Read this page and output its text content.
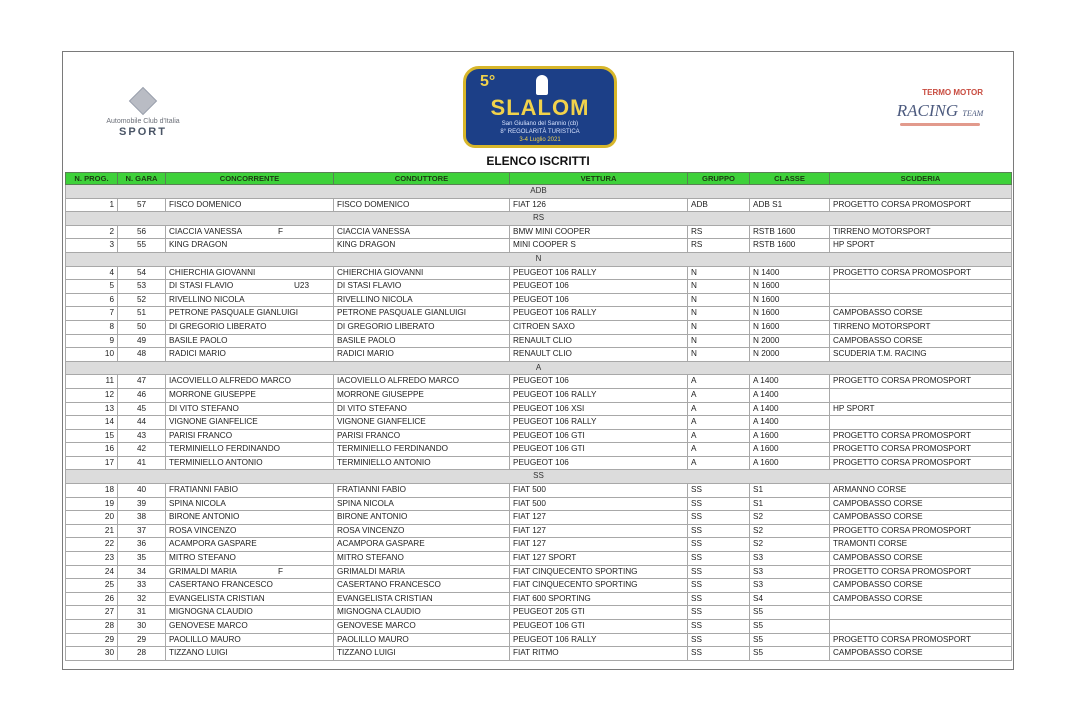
Automobile Club d'Italia
SPORT
5°
SLALOM
San Giuliano del Sannio (cb)
8° REGOLARITÀ TURISTICA
3-4 Luglio 2021
TERMO MOTOR
RACING TEAM
ELENCO ISCRITTI
N. PROG.	N. GARA	CONCORRENTE	CONDUTTORE	VETTURA	GRUPPO	CLASSE	SCUDERIA
ADB							
1	57	FISCO DOMENICO	FISCO DOMENICO	FIAT 126	ADB	ADB S1	PROGETTO CORSA PROMOSPORT
RS							
2	56	CIACCIA VANESSA F	CIACCIA VANESSA	BMW MINI COOPER	RS	RSTB 1600	TIRRENO MOTORSPORT
3	55	KING DRAGON	KING DRAGON	MINI COOPER S	RS	RSTB 1600	HP SPORT
N							
4	54	CHIERCHIA GIOVANNI	CHIERCHIA GIOVANNI	PEUGEOT 106 RALLY	N	N 1400	PROGETTO CORSA PROMOSPORT
5	53	DI STASI FLAVIO U23	DI STASI FLAVIO	PEUGEOT 106	N	N 1600	
6	52	RIVELLINO NICOLA	RIVELLINO NICOLA	PEUGEOT 106	N	N 1600	
7	51	PETRONE PASQUALE GIANLUIGI	PETRONE PASQUALE GIANLUIGI	PEUGEOT 106 RALLY	N	N 1600	CAMPOBASSO CORSE
8	50	DI GREGORIO LIBERATO	DI GREGORIO LIBERATO	CITROEN SAXO	N	N 1600	TIRRENO MOTORSPORT
9	49	BASILE PAOLO	BASILE PAOLO	RENAULT CLIO	N	N 2000	CAMPOBASSO CORSE
10	48	RADICI MARIO	RADICI MARIO	RENAULT CLIO	N	N 2000	SCUDERIA T.M. RACING
A							
11	47	IACOVIELLO ALFREDO MARCO	IACOVIELLO ALFREDO MARCO	PEUGEOT 106	A	A 1400	PROGETTO CORSA PROMOSPORT
12	46	MORRONE GIUSEPPE	MORRONE GIUSEPPE	PEUGEOT 106 RALLY	A	A 1400	
13	45	DI VITO STEFANO	DI VITO STEFANO	PEUGEOT 106 XSI	A	A 1400	HP SPORT
14	44	VIGNONE GIANFELICE	VIGNONE GIANFELICE	PEUGEOT 106 RALLY	A	A 1400	
15	43	PARISI FRANCO	PARISI FRANCO	PEUGEOT 106 GTI	A	A 1600	PROGETTO CORSA PROMOSPORT
16	42	TERMINIELLO FERDINANDO	TERMINIELLO FERDINANDO	PEUGEOT 106 GTI	A	A 1600	PROGETTO CORSA PROMOSPORT
17	41	TERMINIELLO ANTONIO	TERMINIELLO ANTONIO	PEUGEOT 106	A	A 1600	PROGETTO CORSA PROMOSPORT
SS							
18	40	FRATIANNI FABIO	FRATIANNI FABIO	FIAT 500	SS	S1	ARMANNO CORSE
19	39	SPINA NICOLA	SPINA NICOLA	FIAT 500	SS	S1	CAMPOBASSO CORSE
20	38	BIRONE ANTONIO	BIRONE ANTONIO	FIAT 127	SS	S2	CAMPOBASSO CORSE
21	37	ROSA VINCENZO	ROSA VINCENZO	FIAT 127	SS	S2	PROGETTO CORSA PROMOSPORT
22	36	ACAMPORA GASPARE	ACAMPORA GASPARE	FIAT 127	SS	S2	TRAMONTI CORSE
23	35	MITRO STEFANO	MITRO STEFANO	FIAT 127 SPORT	SS	S3	CAMPOBASSO CORSE
24	34	GRIMALDI MARIA F	GRIMALDI MARIA	FIAT CINQUECENTO SPORTING	SS	S3	PROGETTO CORSA PROMOSPORT
25	33	CASERTANO FRANCESCO	CASERTANO FRANCESCO	FIAT CINQUECENTO SPORTING	SS	S3	CAMPOBASSO CORSE
26	32	EVANGELISTA CRISTIAN	EVANGELISTA CRISTIAN	FIAT 600 SPORTING	SS	S4	CAMPOBASSO CORSE
27	31	MIGNOGNA CLAUDIO	MIGNOGNA CLAUDIO	PEUGEOT 205 GTI	SS	S5	
28	30	GENOVESE MARCO	GENOVESE MARCO	PEUGEOT 106 GTI	SS	S5	
29	29	PAOLILLO MAURO	PAOLILLO MAURO	PEUGEOT 106 RALLY	SS	S5	PROGETTO CORSA PROMOSPORT
30	28	TIZZANO LUIGI	TIZZANO LUIGI	FIAT RITMO	SS	S5	CAMPOBASSO CORSE
